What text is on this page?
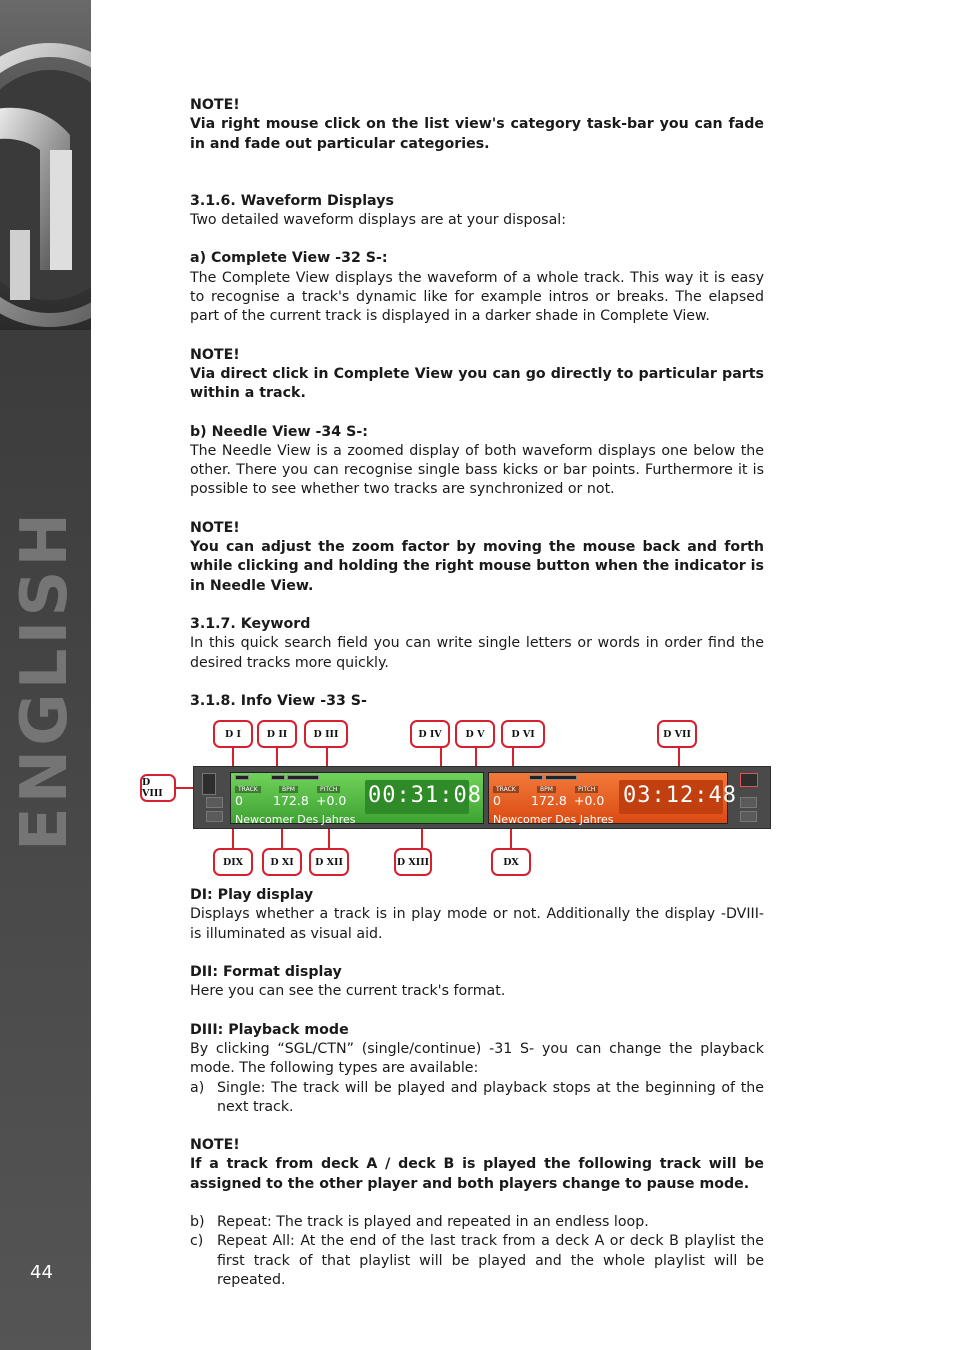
ENGLISH
44

NOTE!

Via right mouse click on the list view's category task-bar you can fade in and fade out particular categories.

3.1.6. Waveform Displays

Two detailed waveform displays are at your disposal:

a) Complete View -32 S-:

The Complete View displays the waveform of a whole track. This way it is easy to recognise a track's dynamic like for example intros or breaks. The elapsed part of the current track is displayed in a darker shade in Complete View.

NOTE!

Via direct click in Complete View you can go directly to particular parts within a track.

b) Needle View -34 S-:

The Needle View is a zoomed display of both waveform displays one below the other. There you can recognise single bass kicks or bar points. Furthermore it is possible to see whether two tracks are synchronized or not.

NOTE!

You can adjust the zoom factor by moving the mouse back and forth while clicking and holding the right mouse button when the indicator is in Needle View.

3.1.7. Keyword

In this quick search field you can write single letters or words in order find the desired tracks more quickly.

3.1.8. Info View -33 S-

DI: Play display

Displays whether a track is in play mode or not. Additionally the display -DVIII- is illuminated as visual aid.

DII: Format display

Here you can see the current track's format.

DIII: Playback mode

By clicking “SGL/CTN” (single/continue) -31 S- you can change the playback mode. The following types are available:

a) Single: The track will be played and playback stops at the beginning of the next track.

NOTE!

If a track from deck A / deck B is played the following track will be assigned to the other player and both players change to pause mode.

b) Repeat: The track is played and repeated in an endless loop.
c) Repeat All: At the end of the last track from a deck A or deck B playlist the first track of that playlist will be played and the whole playlist will be repeated.
TRACK	BPM	PITCH
0 172.8 +0.0 00:31:08
Newcomer Des Jahres
TRACK	BPM	PITCH
0 172.8 +0.0 03:12:48
Newcomer Des Jahres
D I	D II	D III	D IV	D V	D VI	D VII
D VIII
DIX	D XI	D XII	D XIII	DX
